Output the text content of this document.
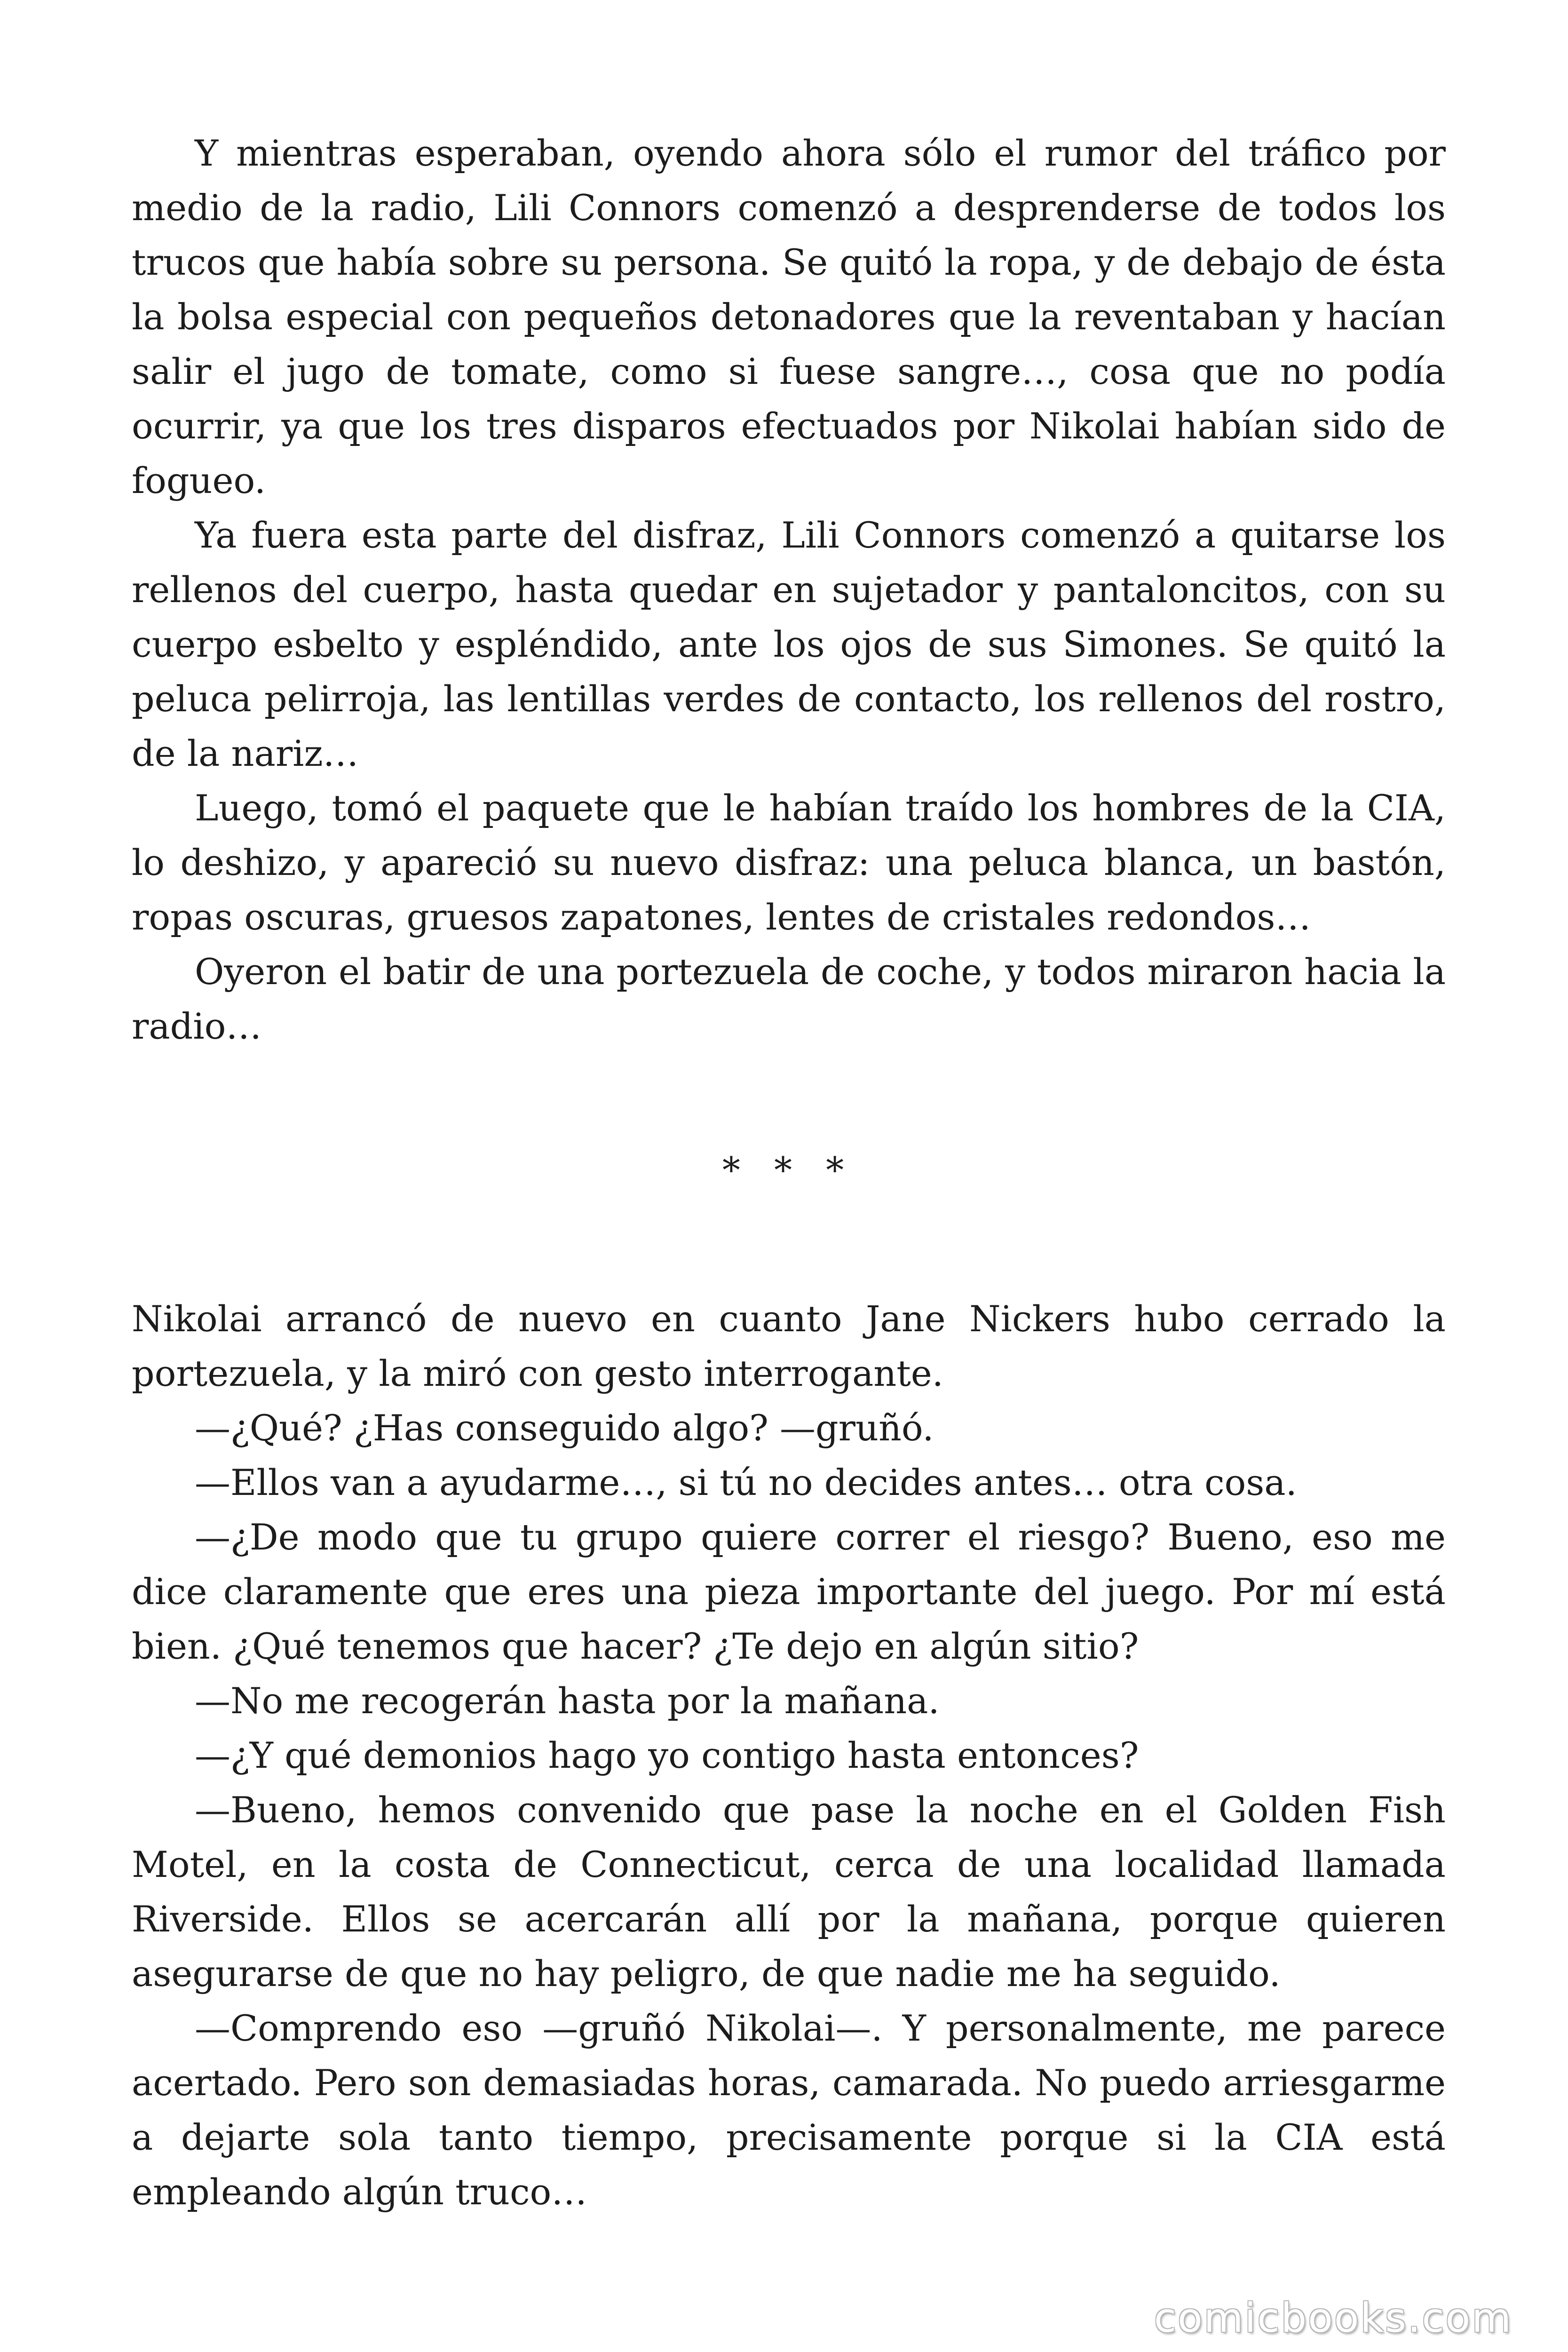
Y mientras esperaban, oyendo ahora sólo el rumor del tráfico por medio de la radio, Lili Connors comenzó a desprenderse de todos los trucos que había sobre su persona. Se quitó la ropa, y de debajo de ésta la bolsa especial con pequeños detonadores que la reventaban y hacían salir el jugo de tomate, como si fuese sangre…, cosa que no podía ocurrir, ya que los tres disparos efectuados por Nikolai habían sido de fogueo.

Ya fuera esta parte del disfraz, Lili Connors comenzó a quitarse los rellenos del cuerpo, hasta quedar en sujetador y pantaloncitos, con su cuerpo esbelto y espléndido, ante los ojos de sus Simones. Se quitó la peluca pelirroja, las lentillas verdes de contacto, los rellenos del rostro, de la nariz…

Luego, tomó el paquete que le habían traído los hombres de la CIA, lo deshizo, y apareció su nuevo disfraz: una peluca blanca, un bastón, ropas oscuras, gruesos zapatones, lentes de cristales redondos…

Oyeron el batir de una portezuela de coche, y todos miraron hacia la radio…

* * *

Nikolai arrancó de nuevo en cuanto Jane Nickers hubo cerrado la portezuela, y la miró con gesto interrogante.

—¿Qué? ¿Has conseguido algo? —gruñó.

—Ellos van a ayudarme…, si tú no decides antes… otra cosa.

—¿De modo que tu grupo quiere correr el riesgo? Bueno, eso me dice claramente que eres una pieza importante del juego. Por mí está bien. ¿Qué tenemos que hacer? ¿Te dejo en algún sitio?

—No me recogerán hasta por la mañana.

—¿Y qué demonios hago yo contigo hasta entonces?

—Bueno, hemos convenido que pase la noche en el Golden Fish Motel, en la costa de Connecticut, cerca de una localidad llamada Riverside. Ellos se acercarán allí por la mañana, porque quieren asegurarse de que no hay peligro, de que nadie me ha seguido.

—Comprendo eso —gruñó Nikolai—. Y personalmente, me parece acertado. Pero son demasiadas horas, camarada. No puedo arriesgarme a dejarte sola tanto tiempo, precisamente porque si la CIA está empleando algún truco…

comicbooks.com
